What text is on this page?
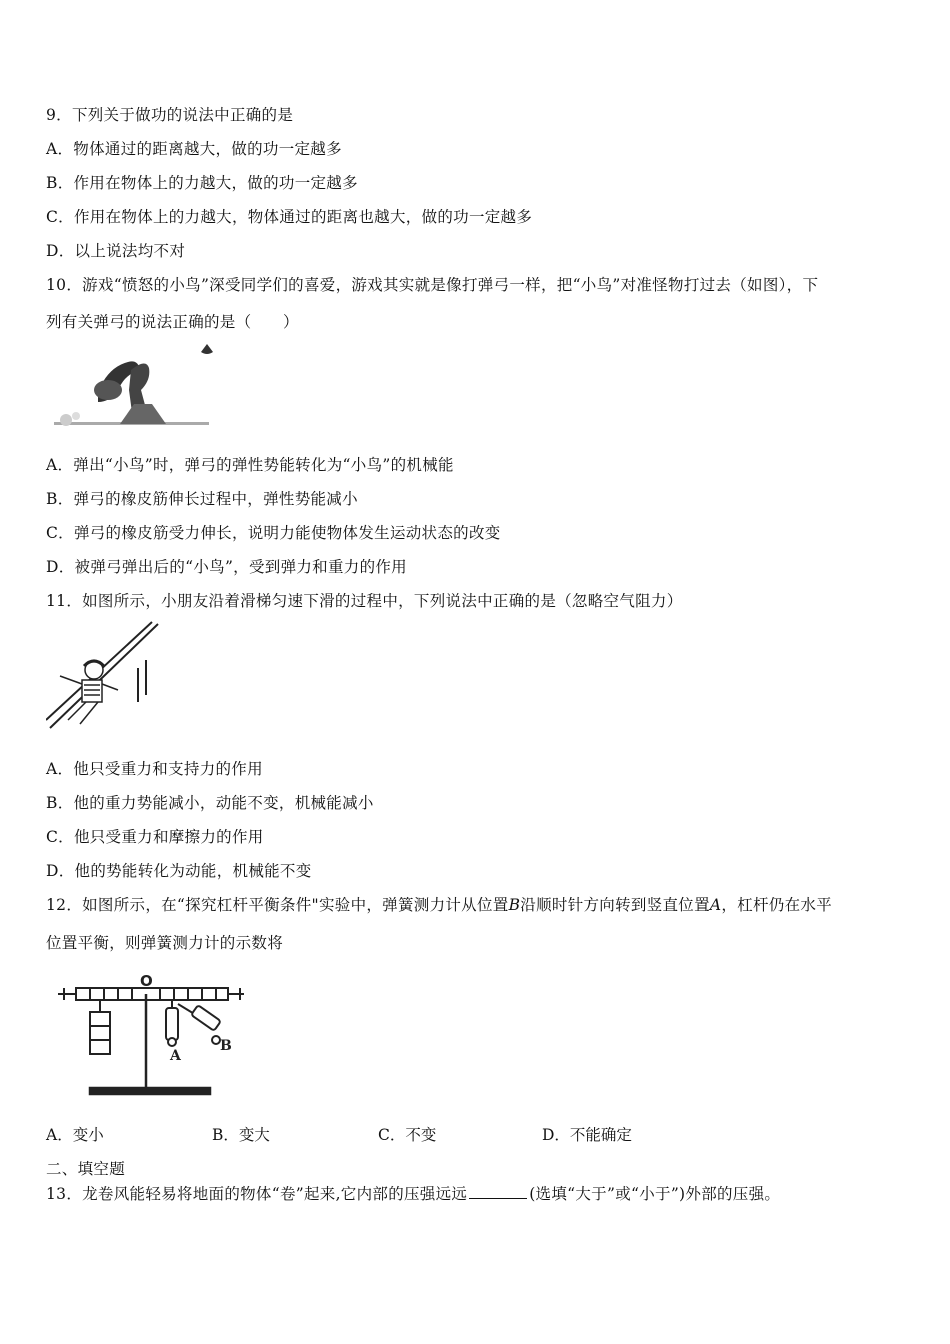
9．下列关于做功的说法中正确的是
A．物体通过的距离越大，做的功一定越多
B．作用在物体上的力越大，做的功一定越多
C．作用在物体上的力越大，物体通过的距离也越大，做的功一定越多
D．以上说法均不对
10．游戏“愤怒的小鸟”深受同学们的喜爱，游戏其实就是像打弹弓一样，把“小鸟”对准怪物打过去（如图），下
列有关弹弓的说法正确的是（　　）
A．弹出“小鸟”时，弹弓的弹性势能转化为“小鸟”的机械能
B．弹弓的橡皮筋伸长过程中，弹性势能减小
C．弹弓的橡皮筋受力伸长，说明力能使物体发生运动状态的改变
D．被弹弓弹出后的“小鸟”，受到弹力和重力的作用
11．如图所示，小朋友沿着滑梯匀速下滑的过程中，下列说法中正确的是（忽略空气阻力）
A．他只受重力和支持力的作用
B．他的重力势能减小，动能不变，机械能减小
C．他只受重力和摩擦力的作用
D．他的势能转化为动能，机械能不变
12．如图所示，在“探究杠杆平衡条件"实验中，弹簧测力计从位置B沿顺时针方向转到竖直位置A，杠杆仍在水平
位置平衡，则弹簧测力计的示数将
O
A
B
A．变小	B．变大	C．不变	D．不能确定
二、填空题
13．龙卷风能轻易将地面的物体“卷”起来,它内部的压强远远	(选填“大于”或“小于”)外部的压强。
